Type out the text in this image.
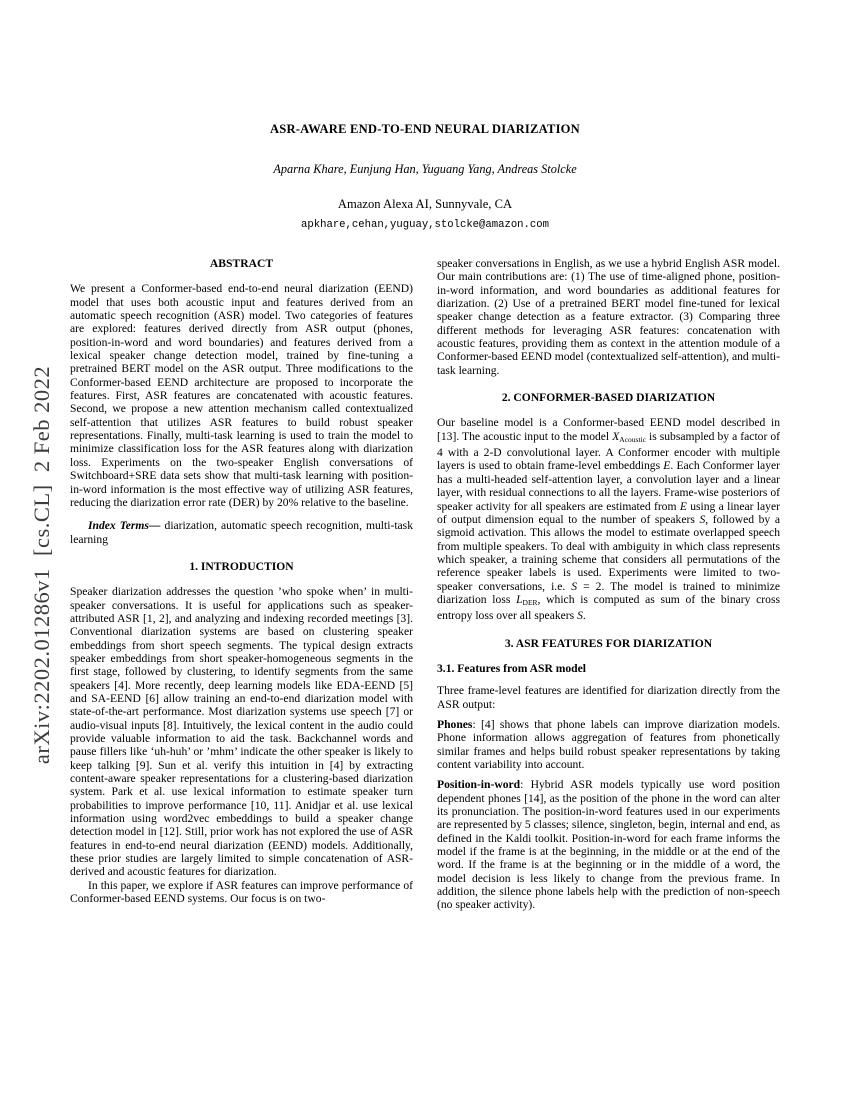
arXiv:2202.01286v1  [cs.CL]  2 Feb 2022
ASR-AWARE END-TO-END NEURAL DIARIZATION
Aparna Khare, Eunjung Han, Yuguang Yang, Andreas Stolcke
Amazon Alexa AI, Sunnyvale, CA
apkhare,cehan,yuguay,stolcke@amazon.com
ABSTRACT

We present a Conformer-based end-to-end neural diarization (EEND) model that uses both acoustic input and features derived from an automatic speech recognition (ASR) model. Two categories of features are explored: features derived directly from ASR output (phones, position-in-word and word boundaries) and features derived from a lexical speaker change detection model, trained by fine-tuning a pretrained BERT model on the ASR output. Three modifications to the Conformer-based EEND architecture are proposed to incorporate the features. First, ASR features are concatenated with acoustic features. Second, we propose a new attention mechanism called contextualized self-attention that utilizes ASR features to build robust speaker representations. Finally, multi-task learning is used to train the model to minimize classification loss for the ASR features along with diarization loss. Experiments on the two-speaker English conversations of Switchboard+SRE data sets show that multi-task learning with position-in-word information is the most effective way of utilizing ASR features, reducing the diarization error rate (DER) by 20% relative to the baseline.

Index Terms— diarization, automatic speech recognition, multi-task learning

1. INTRODUCTION

Speaker diarization addresses the question ’who spoke when’ in multi-speaker conversations. It is useful for applications such as speaker-attributed ASR [1, 2], and analyzing and indexing recorded meetings [3]. Conventional diarization systems are based on clustering speaker embeddings from short speech segments. The typical design extracts speaker embeddings from short speaker-homogeneous segments in the first stage, followed by clustering, to identify segments from the same speakers [4]. More recently, deep learning models like EDA-EEND [5] and SA-EEND [6] allow training an end-to-end diarization model with state-of-the-art performance. Most diarization systems use speech [7] or audio-visual inputs [8]. Intuitively, the lexical content in the audio could provide valuable information to aid the task. Backchannel words and pause fillers like ‘uh-huh’ or ’mhm’ indicate the other speaker is likely to keep talking [9]. Sun et al. verify this intuition in [4] by extracting content-aware speaker representations for a clustering-based diarization system. Park et al. use lexical information to estimate speaker turn probabilities to improve performance [10, 11]. Anidjar et al. use lexical information using word2vec embeddings to build a speaker change detection model in [12]. Still, prior work has not explored the use of ASR features in end-to-end neural diarization (EEND) models. Additionally, these prior studies are largely limited to simple concatenation of ASR-derived and acoustic features for diarization.

In this paper, we explore if ASR features can improve performance of Conformer-based EEND systems. Our focus is on two-

speaker conversations in English, as we use a hybrid English ASR model. Our main contributions are: (1) The use of time-aligned phone, position-in-word information, and word boundaries as additional features for diarization. (2) Use of a pretrained BERT model fine-tuned for lexical speaker change detection as a feature extractor. (3) Comparing three different methods for leveraging ASR features: concatenation with acoustic features, providing them as context in the attention module of a Conformer-based EEND model (contextualized self-attention), and multi-task learning.

2. CONFORMER-BASED DIARIZATION

Our baseline model is a Conformer-based EEND model described in [13]. The acoustic input to the model XAcoustic is subsampled by a factor of 4 with a 2-D convolutional layer. A Conformer encoder with multiple layers is used to obtain frame-level embeddings E. Each Conformer layer has a multi-headed self-attention layer, a convolution layer and a linear layer, with residual connections to all the layers. Frame-wise posteriors of speaker activity for all speakers are estimated from E using a linear layer of output dimension equal to the number of speakers S, followed by a sigmoid activation. This allows the model to estimate overlapped speech from multiple speakers. To deal with ambiguity in which class represents which speaker, a training scheme that considers all permutations of the reference speaker labels is used. Experiments were limited to two-speaker conversations, i.e. S = 2. The model is trained to minimize diarization loss LDER, which is computed as sum of the binary cross entropy loss over all speakers S.

3. ASR FEATURES FOR DIARIZATION
3.1. Features from ASR model

Three frame-level features are identified for diarization directly from the ASR output:

Phones: [4] shows that phone labels can improve diarization models. Phone information allows aggregation of features from phonetically similar frames and helps build robust speaker representations by taking content variability into account.

Position-in-word: Hybrid ASR models typically use word position dependent phones [14], as the position of the phone in the word can alter its pronunciation. The position-in-word features used in our experiments are represented by 5 classes; silence, singleton, begin, internal and end, as defined in the Kaldi toolkit. Position-in-word for each frame informs the model if the frame is at the beginning, in the middle or at the end of the word. If the frame is at the beginning or in the middle of a word, the model decision is less likely to change from the previous frame. In addition, the silence phone labels help with the prediction of non-speech (no speaker activity).
